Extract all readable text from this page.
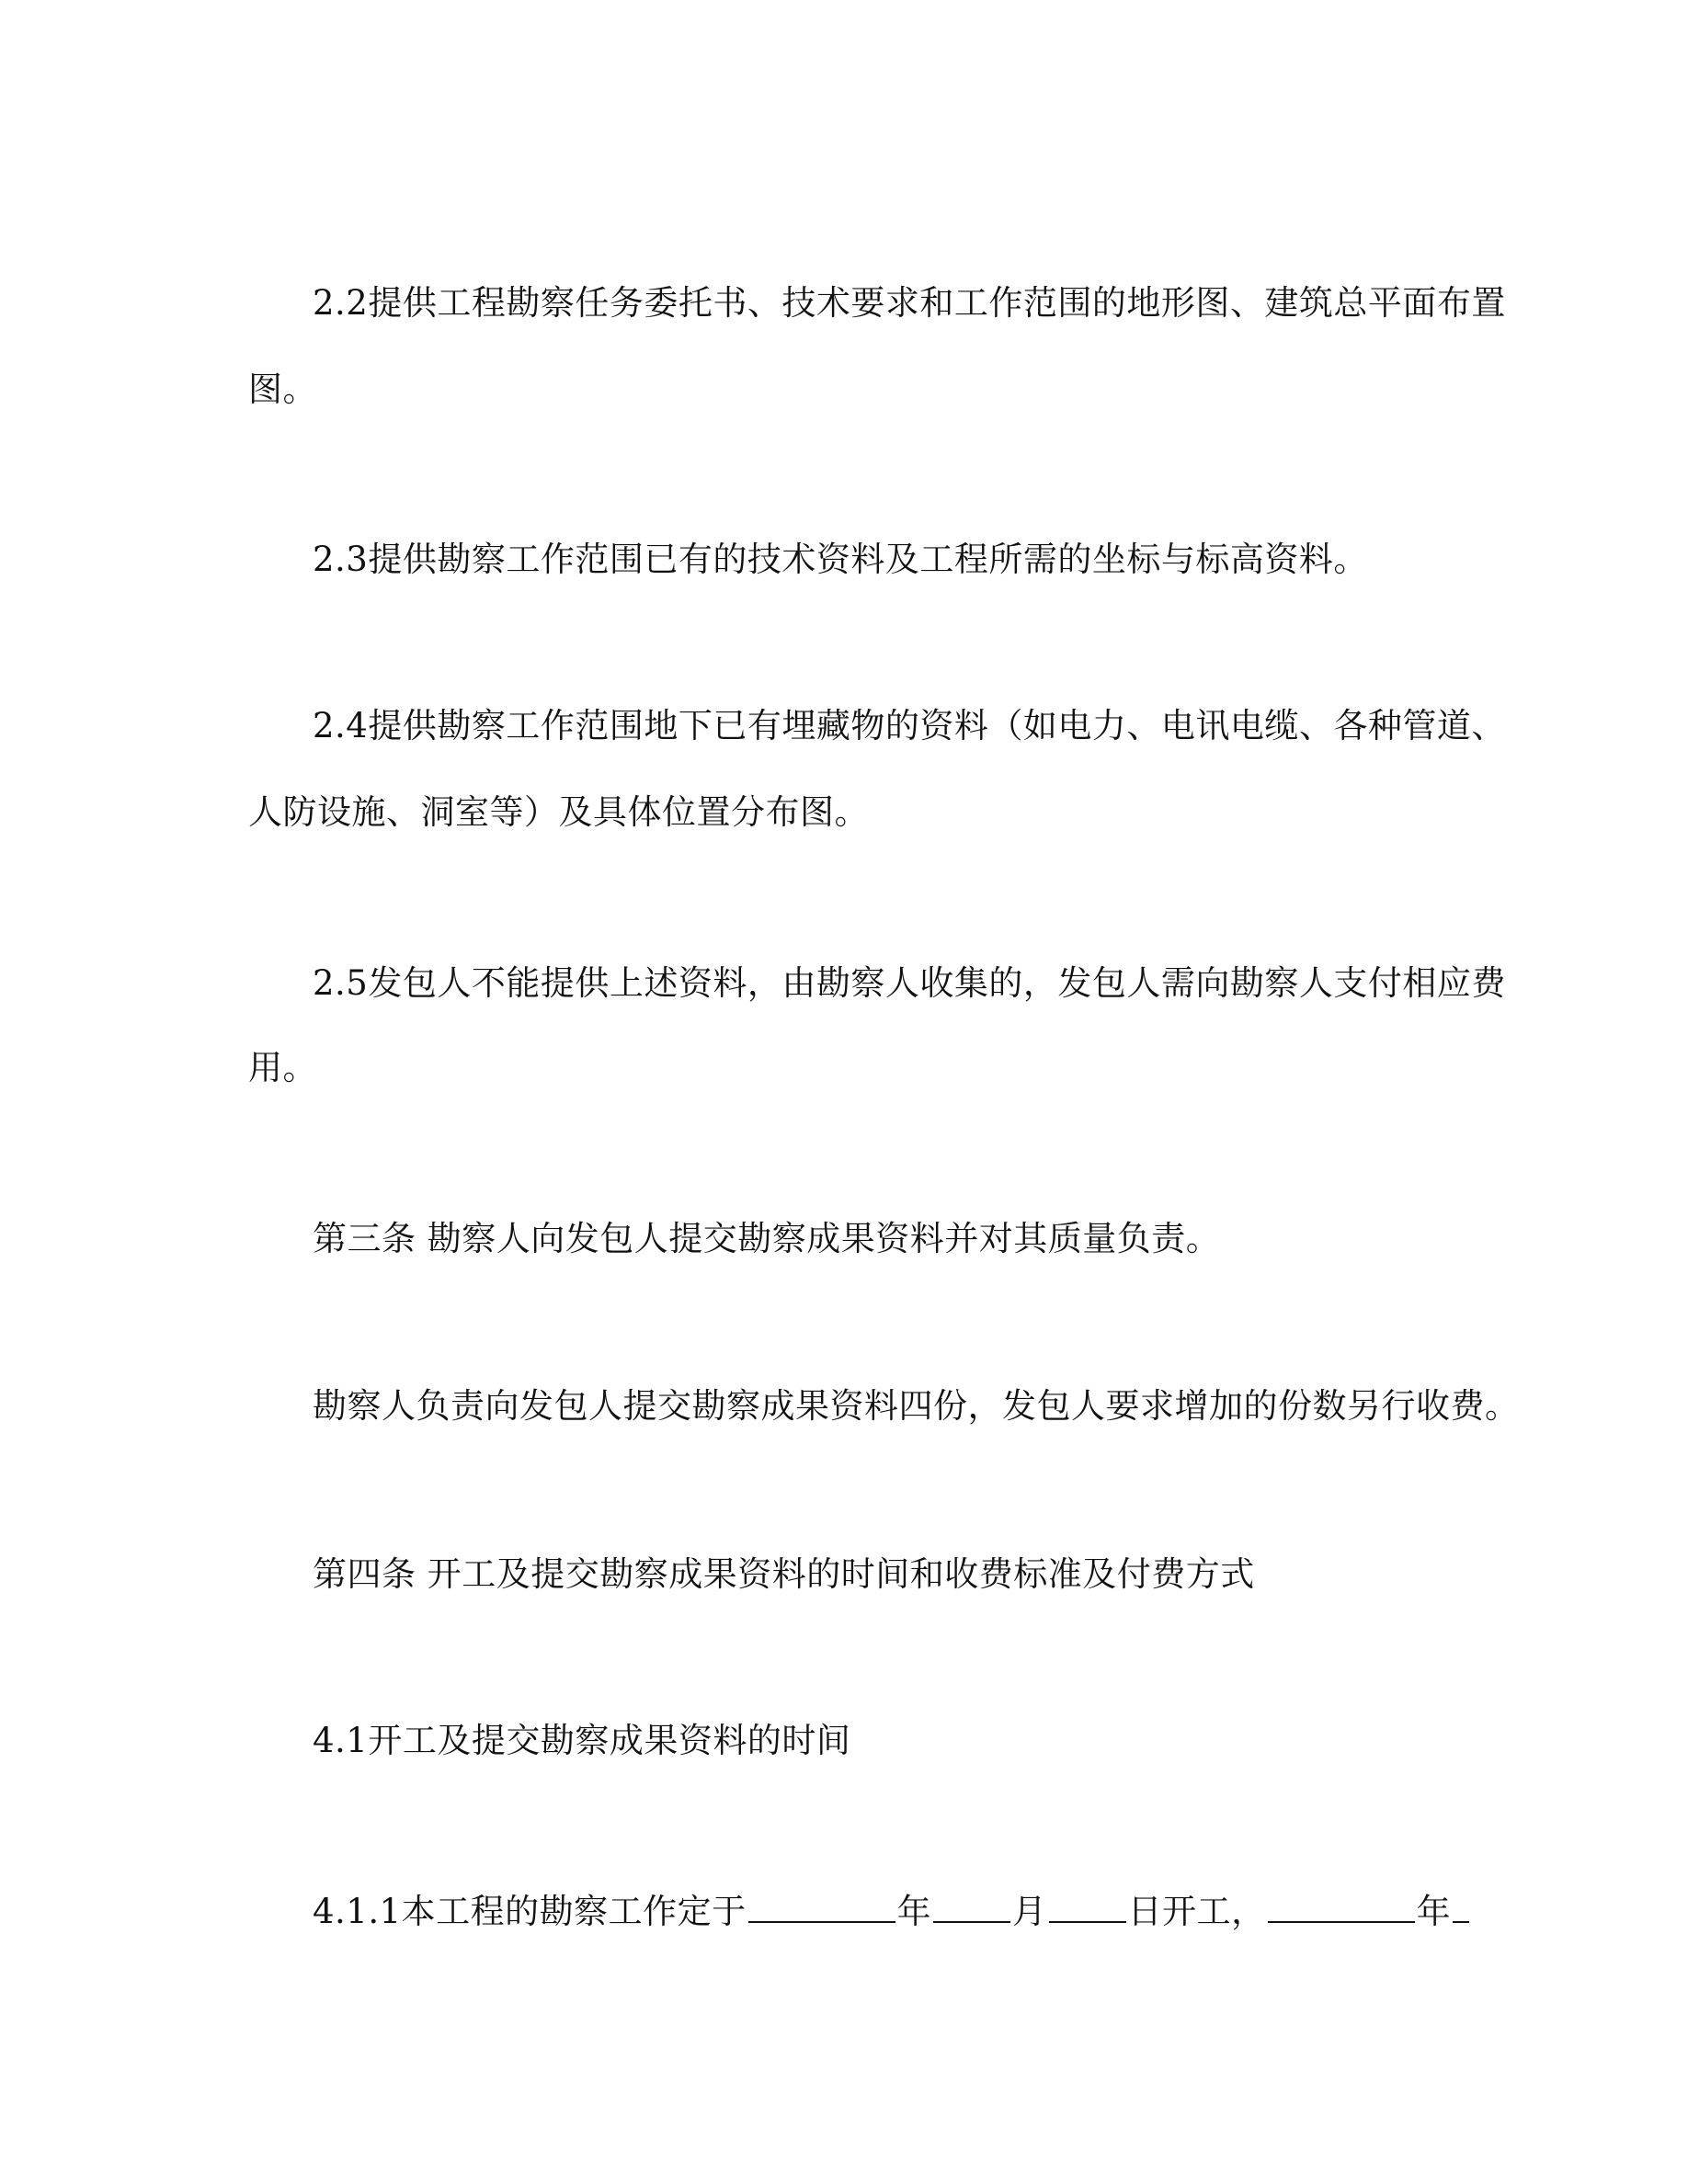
2.2提供工程勘察任务委托书、技术要求和工作范围的地形图、建筑总平面布置
图。
2.3提供勘察工作范围已有的技术资料及工程所需的坐标与标高资料。
2.4提供勘察工作范围地下已有埋藏物的资料（如电力、电讯电缆、各种管道、
人防设施、洞室等）及具体位置分布图。
2.5发包人不能提供上述资料，由勘察人收集的，发包人需向勘察人支付相应费
用。
第三条 勘察人向发包人提交勘察成果资料并对其质量负责。
勘察人负责向发包人提交勘察成果资料四份，发包人要求增加的份数另行收费。
第四条 开工及提交勘察成果资料的时间和收费标准及付费方式
4.1开工及提交勘察成果资料的时间
4.1.1本工程的勘察工作定于	年 月 日开工，	年
